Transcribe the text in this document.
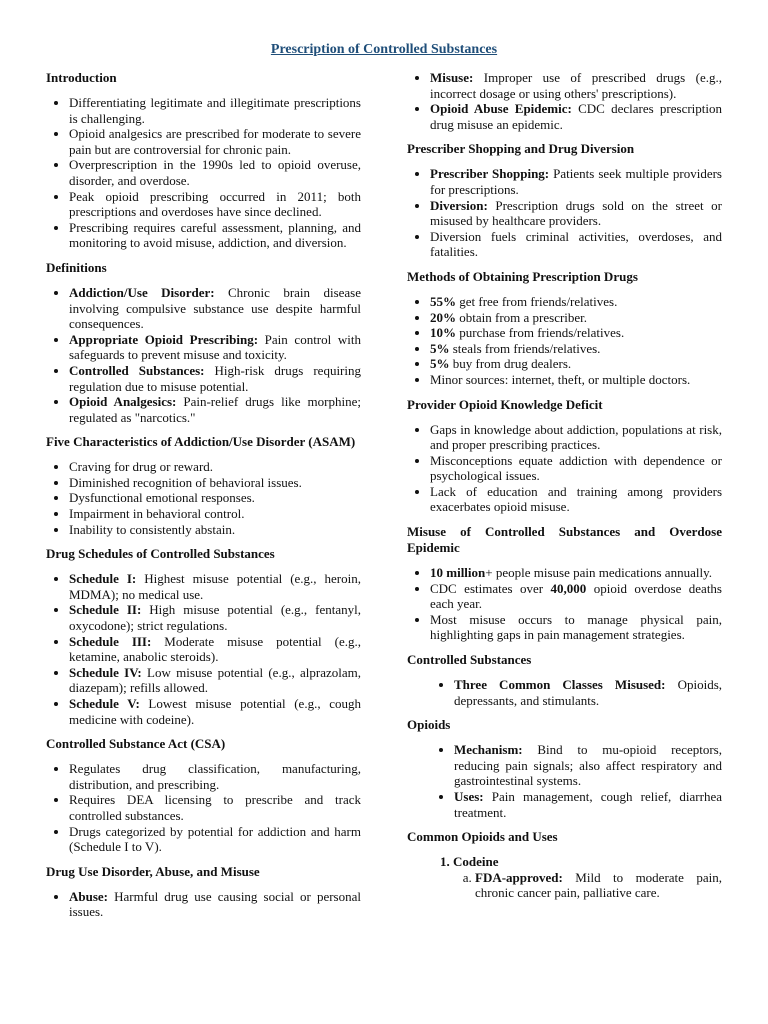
Prescription of Controlled Substances
Introduction
• Differentiating legitimate and illegitimate prescriptions is challenging.
• Opioid analgesics are prescribed for moderate to severe pain but are controversial for chronic pain.
• Overprescription in the 1990s led to opioid overuse, disorder, and overdose.
• Peak opioid prescribing occurred in 2011; both prescriptions and overdoses have since declined.
• Prescribing requires careful assessment, planning, and monitoring to avoid misuse, addiction, and diversion.
Definitions
• Addiction/Use Disorder: Chronic brain disease involving compulsive substance use despite harmful consequences.
• Appropriate Opioid Prescribing: Pain control with safeguards to prevent misuse and toxicity.
• Controlled Substances: High-risk drugs requiring regulation due to misuse potential.
• Opioid Analgesics: Pain-relief drugs like morphine; regulated as "narcotics."
Five Characteristics of Addiction/Use Disorder (ASAM)
• Craving for drug or reward.
• Diminished recognition of behavioral issues.
• Dysfunctional emotional responses.
• Impairment in behavioral control.
• Inability to consistently abstain.
Drug Schedules of Controlled Substances
• Schedule I: Highest misuse potential (e.g., heroin, MDMA); no medical use.
• Schedule II: High misuse potential (e.g., fentanyl, oxycodone); strict regulations.
• Schedule III: Moderate misuse potential (e.g., ketamine, anabolic steroids).
• Schedule IV: Low misuse potential (e.g., alprazolam, diazepam); refills allowed.
• Schedule V: Lowest misuse potential (e.g., cough medicine with codeine).
Controlled Substance Act (CSA)
• Regulates drug classification, manufacturing, distribution, and prescribing.
• Requires DEA licensing to prescribe and track controlled substances.
• Drugs categorized by potential for addiction and harm (Schedule I to V).
Drug Use Disorder, Abuse, and Misuse
• Abuse: Harmful drug use causing social or personal issues.
• Misuse: Improper use of prescribed drugs (e.g., incorrect dosage or using others' prescriptions).
• Opioid Abuse Epidemic: CDC declares prescription drug misuse an epidemic.
Prescriber Shopping and Drug Diversion
• Prescriber Shopping: Patients seek multiple providers for prescriptions.
• Diversion: Prescription drugs sold on the street or misused by healthcare providers.
• Diversion fuels criminal activities, overdoses, and fatalities.
Methods of Obtaining Prescription Drugs
• 55% get free from friends/relatives.
• 20% obtain from a prescriber.
• 10% purchase from friends/relatives.
• 5% steals from friends/relatives.
• 5% buy from drug dealers.
• Minor sources: internet, theft, or multiple doctors.
Provider Opioid Knowledge Deficit
• Gaps in knowledge about addiction, populations at risk, and proper prescribing practices.
• Misconceptions equate addiction with dependence or psychological issues.
• Lack of education and training among providers exacerbates opioid misuse.
Misuse of Controlled Substances and Overdose Epidemic
• 10 million+ people misuse pain medications annually.
• CDC estimates over 40,000 opioid overdose deaths each year.
• Most misuse occurs to manage physical pain, highlighting gaps in pain management strategies.
Controlled Substances
• Three Common Classes Misused: Opioids, depressants, and stimulants.
Opioids
• Mechanism: Bind to mu-opioid receptors, reducing pain signals; also affect respiratory and gastrointestinal systems.
• Uses: Pain management, cough relief, diarrhea treatment.
Common Opioids and Uses
1. Codeine
a. FDA-approved: Mild to moderate pain, chronic cancer pain, palliative care.
